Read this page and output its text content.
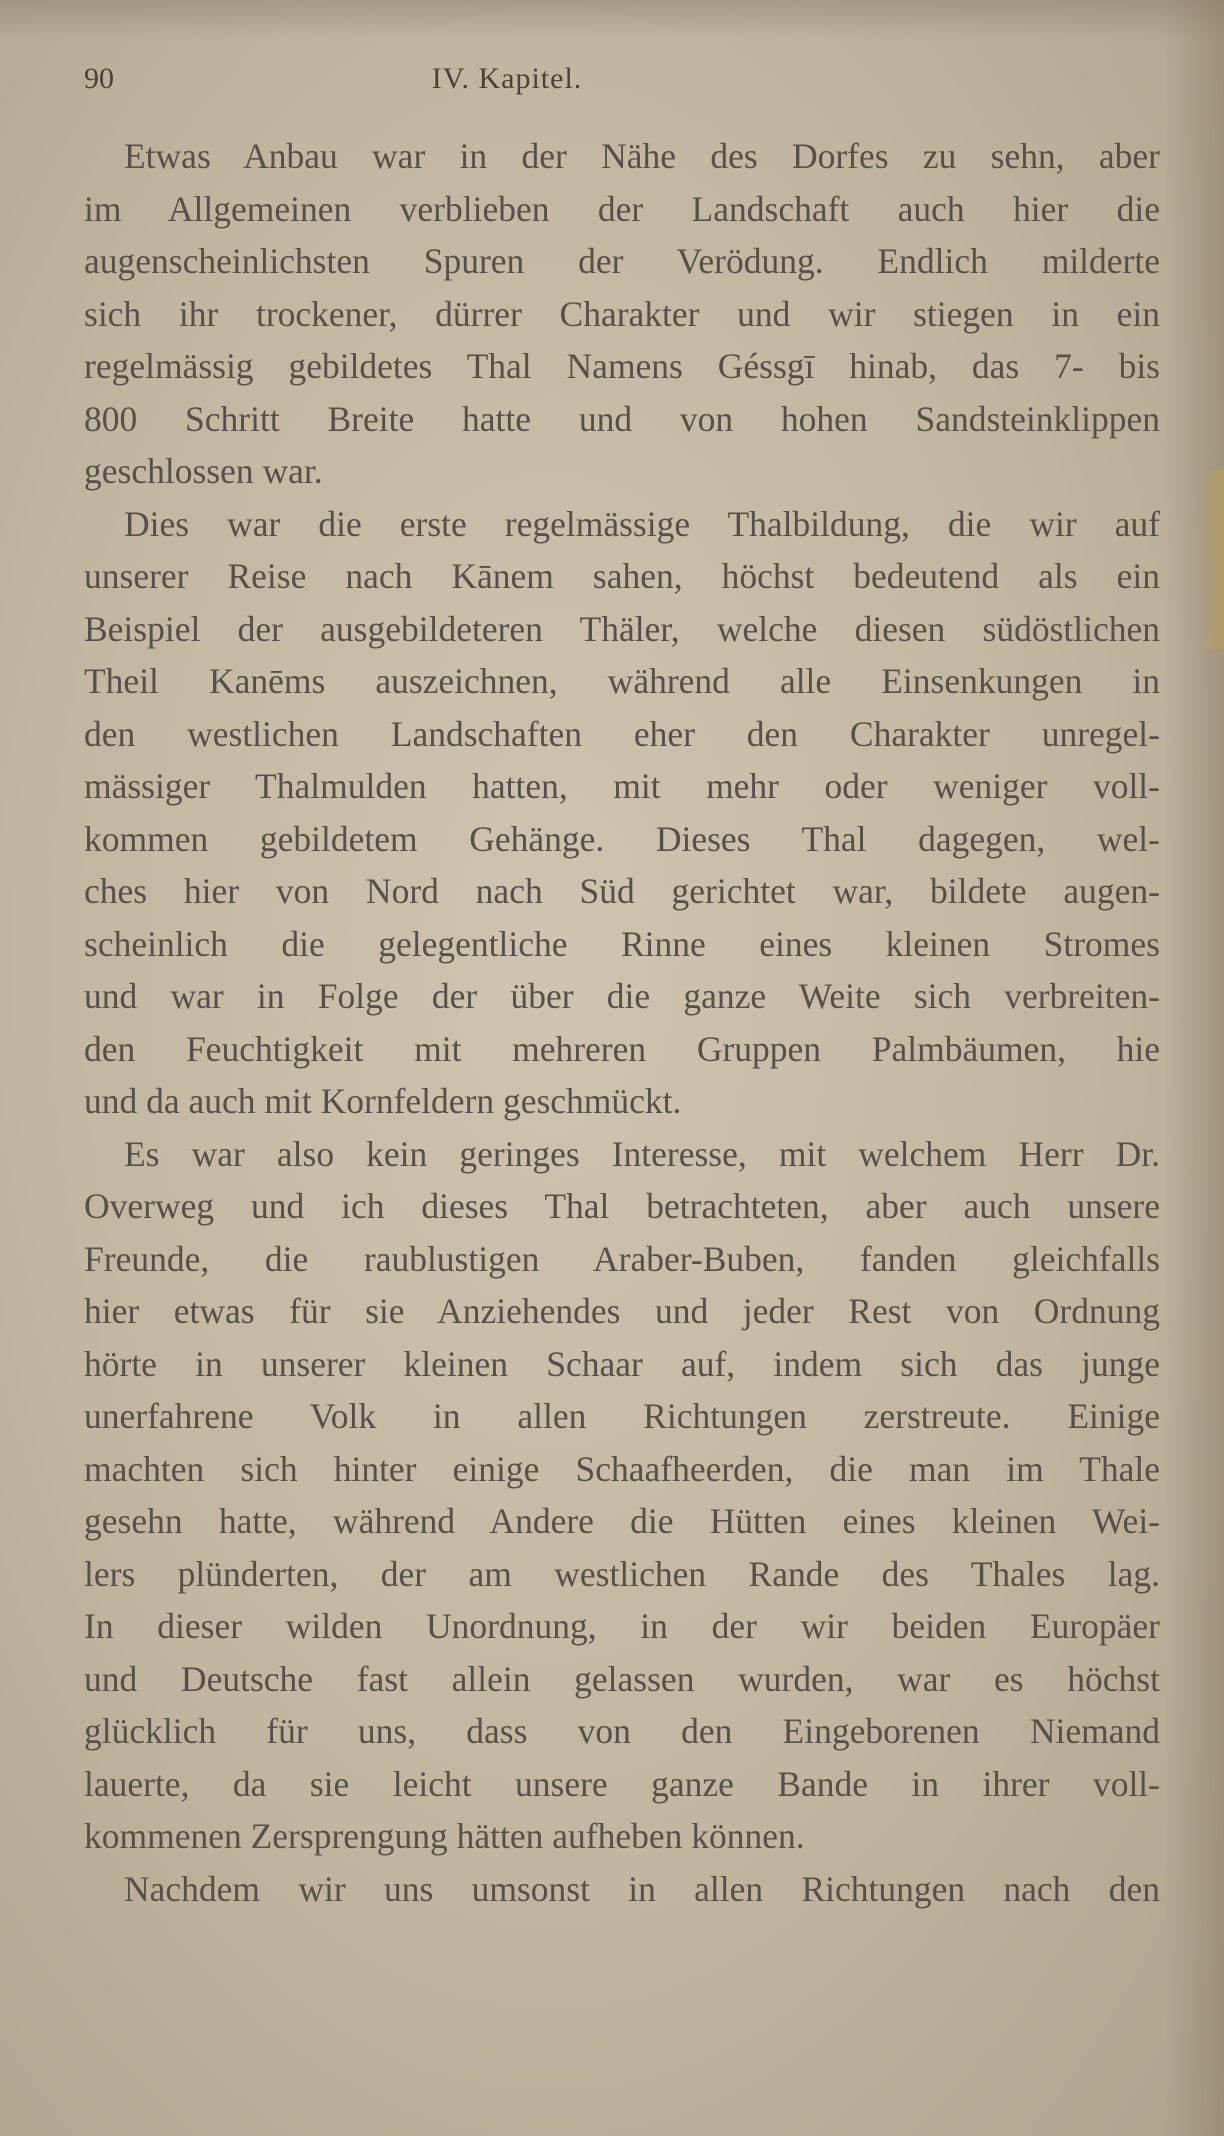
90	IV. Kapitel.
Etwas Anbau war in der Nähe des Dorfes zu sehn, aber
im Allgemeinen verblieben der Landschaft auch hier die
augenscheinlichsten Spuren der Verödung. Endlich milderte
sich ihr trockener, dürrer Charakter und wir stiegen in ein
regelmässig gebildetes Thal Namens Géssgī hinab, das 7- bis
800 Schritt Breite hatte und von hohen Sandsteinklippen
geschlossen war.
Dies war die erste regelmässige Thalbildung, die wir auf
unserer Reise nach Kānem sahen, höchst bedeutend als ein
Beispiel der ausgebildeteren Thäler, welche diesen südöstlichen
Theil Kanēms auszeichnen, während alle Einsenkungen in
den westlichen Landschaften eher den Charakter unregel-
mässiger Thalmulden hatten, mit mehr oder weniger voll-
kommen gebildetem Gehänge. Dieses Thal dagegen, wel-
ches hier von Nord nach Süd gerichtet war, bildete augen-
scheinlich die gelegentliche Rinne eines kleinen Stromes
und war in Folge der über die ganze Weite sich verbreiten-
den Feuchtigkeit mit mehreren Gruppen Palmbäumen, hie
und da auch mit Kornfeldern geschmückt.
Es war also kein geringes Interesse, mit welchem Herr Dr.
Overweg und ich dieses Thal betrachteten, aber auch unsere
Freunde, die raublustigen Araber-Buben, fanden gleichfalls
hier etwas für sie Anziehendes und jeder Rest von Ordnung
hörte in unserer kleinen Schaar auf, indem sich das junge
unerfahrene Volk in allen Richtungen zerstreute. Einige
machten sich hinter einige Schaafheerden, die man im Thale
gesehn hatte, während Andere die Hütten eines kleinen Wei-
lers plünderten, der am westlichen Rande des Thales lag.
In dieser wilden Unordnung, in der wir beiden Europäer
und Deutsche fast allein gelassen wurden, war es höchst
glücklich für uns, dass von den Eingeborenen Niemand
lauerte, da sie leicht unsere ganze Bande in ihrer voll-
kommenen Zersprengung hätten aufheben können.
Nachdem wir uns umsonst in allen Richtungen nach den
